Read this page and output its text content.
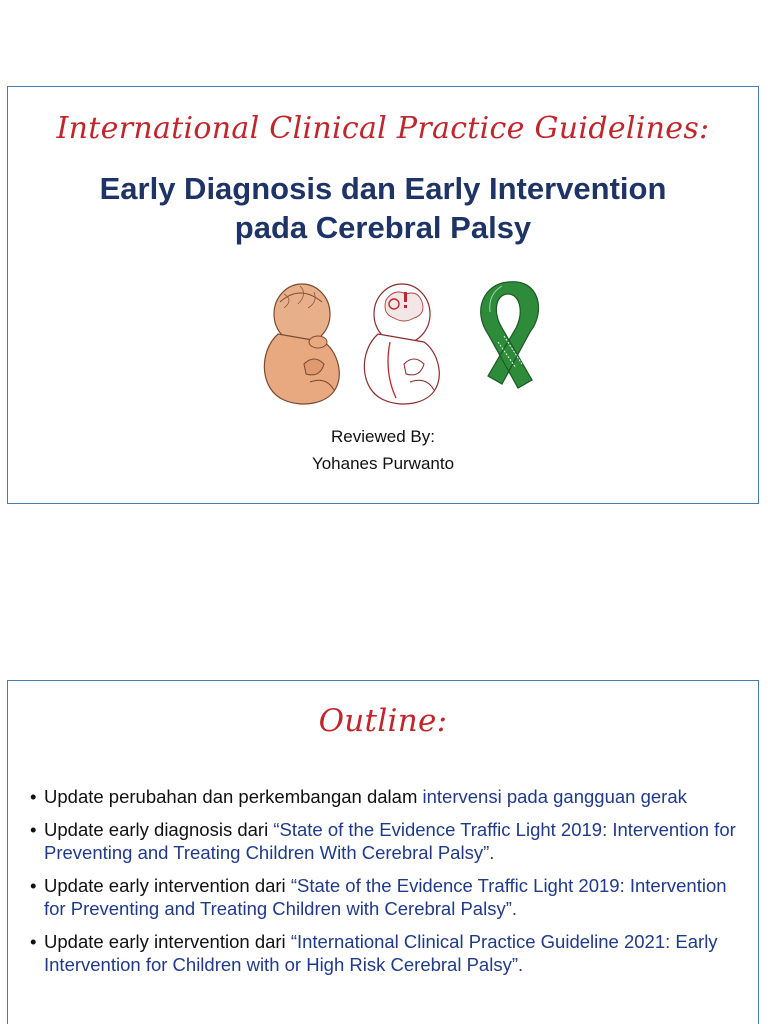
International Clinical Practice Guidelines:
Early Diagnosis dan Early Intervention
pada Cerebral Palsy
Reviewed By:
Yohanes Purwanto
Outline:
• Update perubahan dan perkembangan dalam intervensi pada gangguan gerak
• Update early diagnosis dari “State of the Evidence Traffic Light 2019: Intervention for Preventing and Treating Children With Cerebral Palsy”.
• Update early intervention dari “State of the Evidence Traffic Light 2019: Intervention for Preventing and Treating Children with Cerebral Palsy”.
• Update early intervention dari “International Clinical Practice Guideline 2021: Early Intervention for Children with or High Risk Cerebral Palsy”.
